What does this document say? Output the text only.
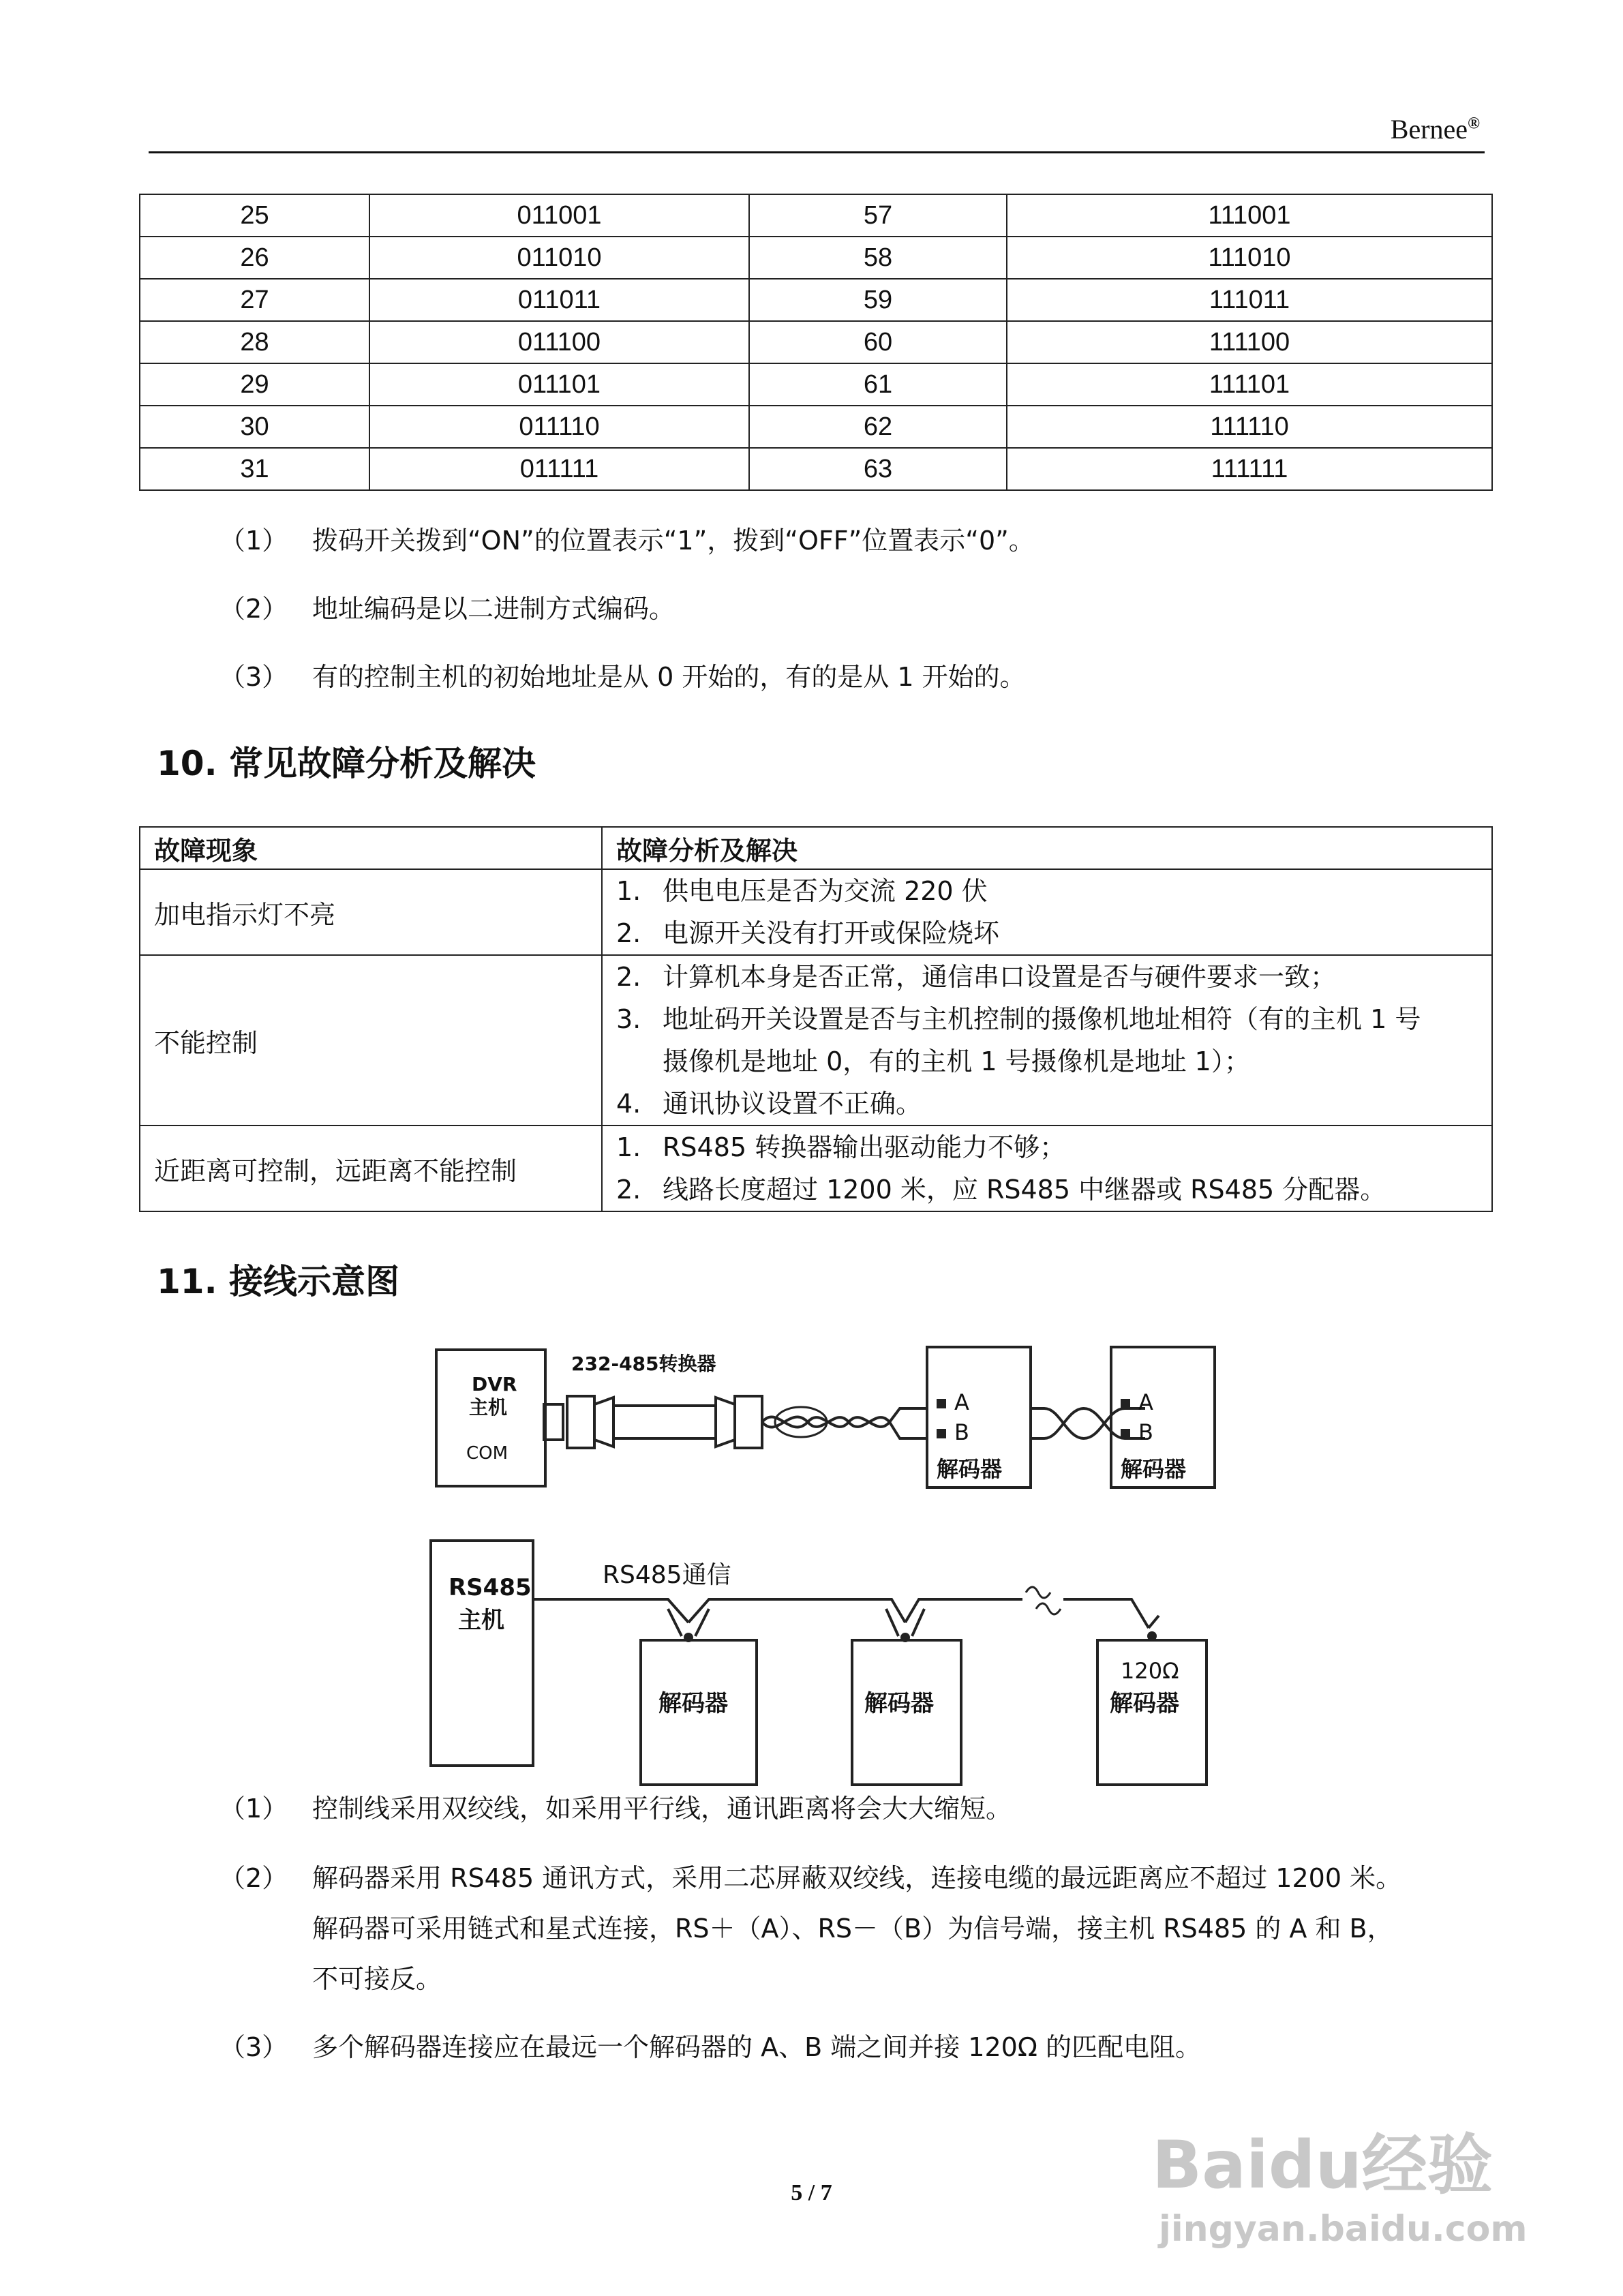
Bernee®
25	011001	57	111001
26	011010	58	111010
27	011011	59	111011
28	011100	60	111100
29	011101	61	111101
30	011110	62	111110
31	011111	63	111111
（1） 拨码开关拨到“ON”的位置表示“1”，拨到“OFF”位置表示“0”。
（2） 地址编码是以二进制方式编码。
（3） 有的控制主机的初始地址是从 0 开始的，有的是从 1 开始的。
10. 常见故障分析及解决
故障现象	故障分析及解决
加电指示灯不亮	1. 供电电压是否为交流 220 伏
2. 电源开关没有打开或保险烧坏

不能控制	2. 计算机本身是否正常，通信串口设置是否与硬件要求一致；
3. 地址码开关设置是否与主机控制的摄像机地址相符（有的主机 1 号
摄像机是地址 0，有的主机 1 号摄像机是地址 1）；
4. 通讯协议设置不正确。

近距离可控制，远距离不能控制	1. RS485 转换器输出驱动能力不够；
2. 线路长度超过 1200 米，应 RS485 中继器或 RS485 分配器。
11. 接线示意图
DVR
主机
COM
232-485转换器
A
B
解码器
A
B
解码器
RS485通信
RS485
主机
解码器	解码器
120Ω
解码器
（1） 控制线采用双绞线，如采用平行线，通讯距离将会大大缩短。
（2） 解码器采用 RS485 通讯方式，采用二芯屏蔽双绞线，连接电缆的最远距离应不超过 1200 米。
解码器可采用链式和星式连接，RS＋（A）、RS－（B）为信号端，接主机 RS485 的 A 和 B，
不可接反。
（3） 多个解码器连接应在最远一个解码器的 A、B 端之间并接 120Ω 的匹配电阻。
5 / 7	Baidu经验
jingyan.baidu.com
